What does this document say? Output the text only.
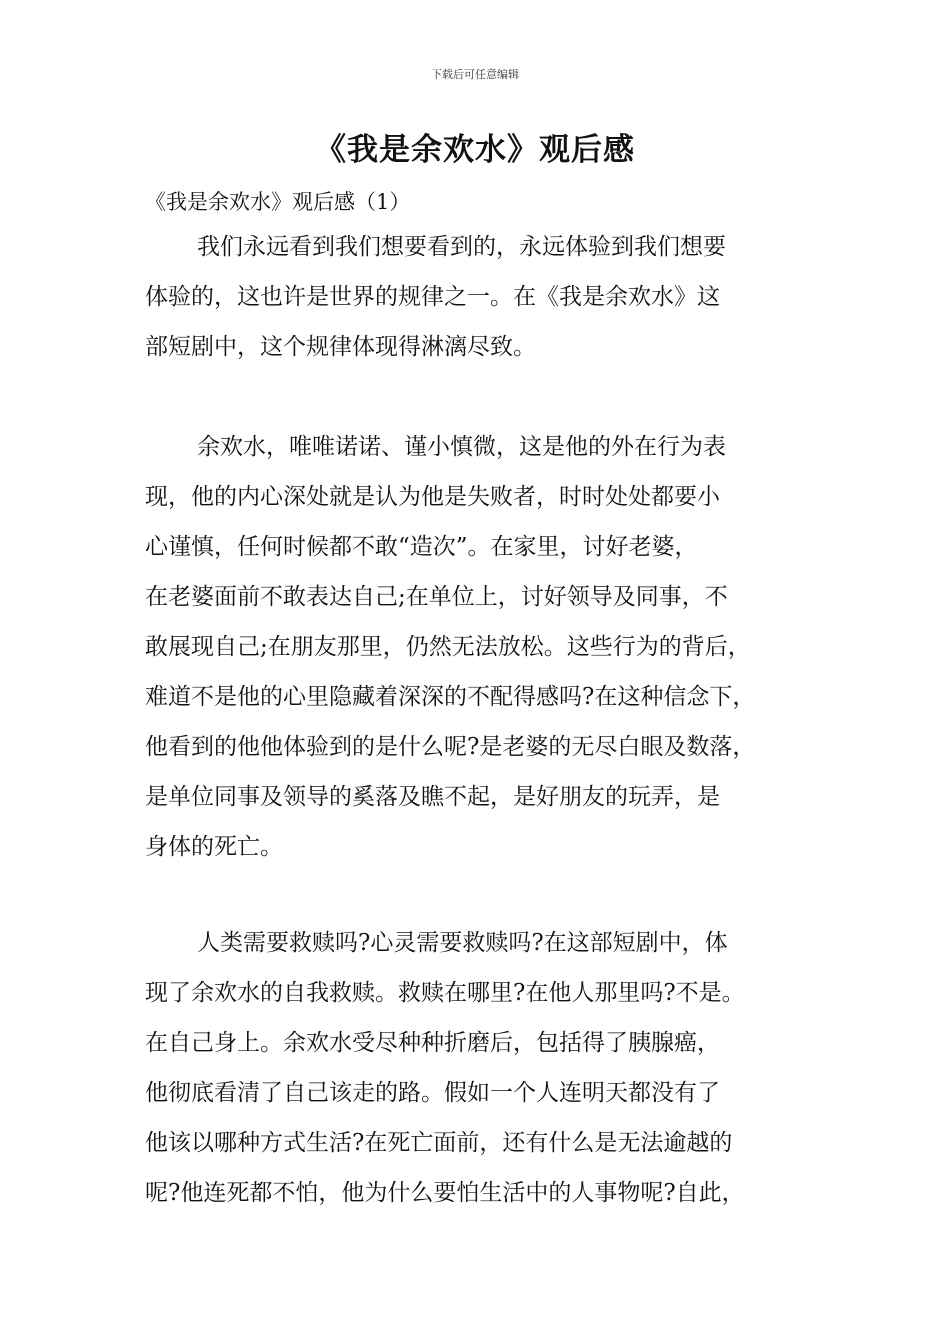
下载后可任意编辑
《我是余欢水》观后感
《我是余欢水》观后感（1）
我们永远看到我们想要看到的，永远体验到我们想要
体验的，这也许是世界的规律之一。在《我是余欢水》这
部短剧中，这个规律体现得淋漓尽致。
余欢水，唯唯诺诺、谨小慎微，这是他的外在行为表
现，他的内心深处就是认为他是失败者，时时处处都要小
心谨慎，任何时候都不敢“造次”。在家里，讨好老婆，
在老婆面前不敢表达自己;在单位上，讨好领导及同事，不
敢展现自己;在朋友那里，仍然无法放松。这些行为的背后，
难道不是他的心里隐藏着深深的不配得感吗?在这种信念下，
他看到的他他体验到的是什么呢?是老婆的无尽白眼及数落，
是单位同事及领导的奚落及瞧不起，是好朋友的玩弄，是
身体的死亡。
人类需要救赎吗?心灵需要救赎吗?在这部短剧中，体
现了余欢水的自我救赎。救赎在哪里?在他人那里吗?不是。
在自己身上。余欢水受尽种种折磨后，包括得了胰腺癌，
他彻底看清了自己该走的路。假如一个人连明天都没有了
他该以哪种方式生活?在死亡面前，还有什么是无法逾越的
呢?他连死都不怕，他为什么要怕生活中的人事物呢?自此，
